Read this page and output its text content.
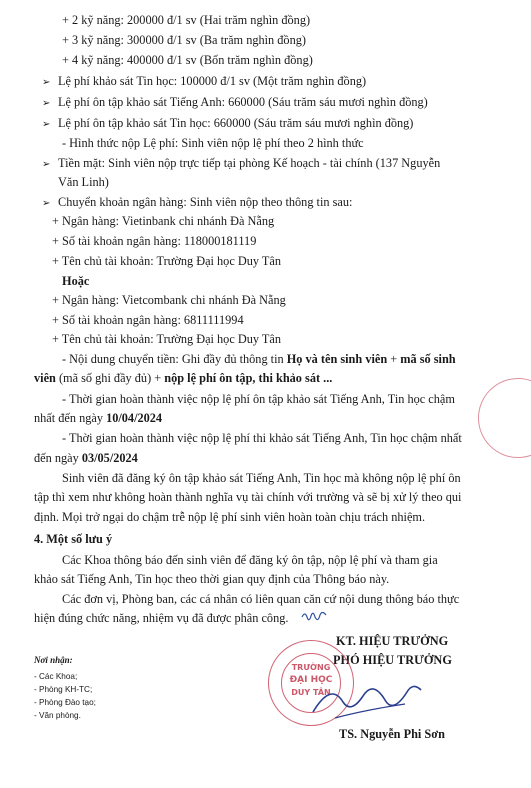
+ 2 kỹ năng: 200000 đ/1 sv (Hai trăm nghìn đồng)
+ 3 kỹ năng: 300000 đ/1 sv (Ba trăm nghìn đồng)
+ 4 kỹ năng: 400000 đ/1 sv (Bốn trăm nghìn đồng)
➢ Lệ phí khảo sát Tin học: 100000 đ/1 sv (Một trăm nghìn đồng)
➢ Lệ phí ôn tập khảo sát Tiếng Anh: 660000 (Sáu trăm sáu mươi nghìn đồng)
➢ Lệ phí ôn tập khảo sát Tin học: 660000 (Sáu trăm sáu mươi nghìn đồng)
- Hình thức nộp Lệ phí: Sinh viên nộp lệ phí theo 2 hình thức
➢ Tiền mặt: Sinh viên nộp trực tiếp tại phòng Kế hoạch - tài chính (137 Nguyễn
Văn Linh)
➢ Chuyển khoản ngân hàng: Sinh viên nộp theo thông tin sau:
+ Ngân hàng: Vietinbank chi nhánh Đà Nẵng
+ Số tài khoản ngân hàng: 118000181119
+ Tên chủ tài khoản: Trường Đại học Duy Tân
Hoặc
+ Ngân hàng: Vietcombank chi nhánh Đà Nẵng
+ Số tài khoản ngân hàng: 6811111994
+ Tên chủ tài khoản: Trường Đại học Duy Tân
- Nội dung chuyển tiền: Ghi đầy đủ thông tin Họ và tên sinh viên + mã số sinh
viên (mã số ghi đầy đủ) + nộp lệ phí ôn tập, thi khảo sát ...
- Thời gian hoàn thành việc nộp lệ phí ôn tập khảo sát Tiếng Anh, Tin học chậm
nhất đến ngày 10/04/2024
- Thời gian hoàn thành việc nộp lệ phí thi khảo sát Tiếng Anh, Tin học chậm nhất
đến ngày 03/05/2024
Sinh viên đã đăng ký ôn tập khảo sát Tiếng Anh, Tin học mà không nộp lệ phí ôn
tập thì xem như không hoàn thành nghĩa vụ tài chính với trường và sẽ bị xử lý theo qui
định. Mọi trở ngại do chậm trễ nộp lệ phí sinh viên hoàn toàn chịu trách nhiệm.
4. Một số lưu ý
Các Khoa thông báo đến sinh viên để đăng ký ôn tập, nộp lệ phí và tham gia
khảo sát Tiếng Anh, Tin học theo thời gian quy định của Thông báo này.
Các đơn vị, Phòng ban, các cá nhân có liên quan căn cứ nội dung thông báo thực
hiện đúng chức năng, nhiệm vụ đã được phân công.
Nơi nhận:
- Các Khoa;
- Phòng KH-TC;
- Phòng Đào tạo;
- Văn phòng.
KT. HIỆU TRƯỞNG
PHÓ HIỆU TRƯỞNG
TRƯỜNG
ĐẠI HỌC
DUY TÂN
TS. Nguyễn Phi Sơn
